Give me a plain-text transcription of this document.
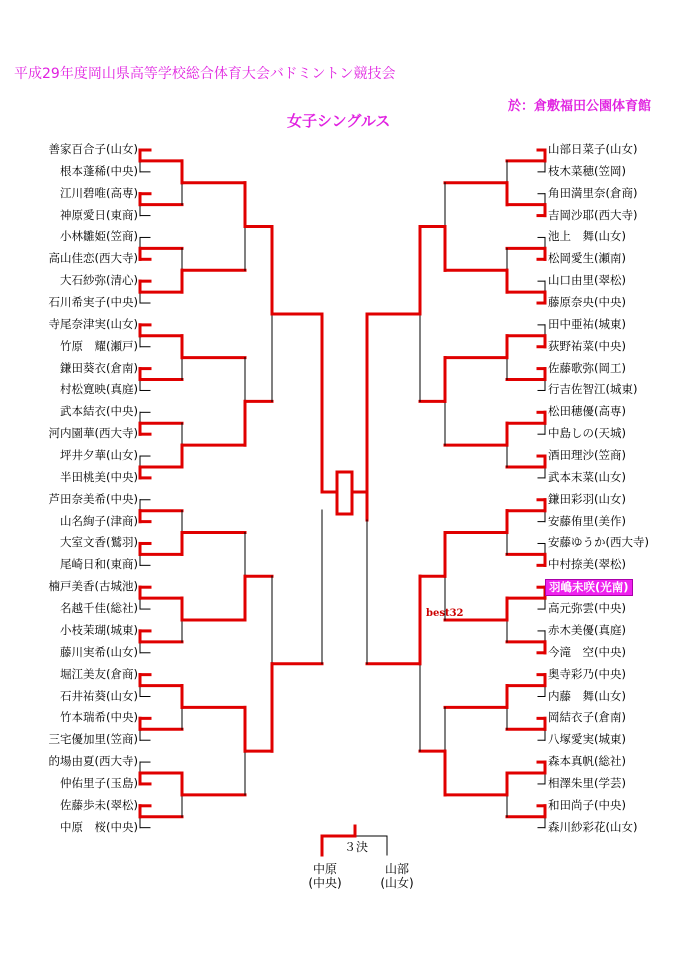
平成29年度岡山県高等学校総合体育大会バドミントン競技会
於：倉敷福田公園体育館
女子シングルス
善家百合子(山女)
根本蓬稀(中央)
江川碧唯(高専)
神原愛日(東商)
小林雛姫(笠商)
高山佳恋(西大寺)
大石紗弥(清心)
石川希実子(中央)
寺尾奈津実(山女)
竹原　耀(瀬戸)
鎌田葵衣(倉南)
村松寛映(真庭)
武本結衣(中央)
河内園華(西大寺)
坪井夕華(山女)
半田桃美(中央)
芦田奈美希(中央)
山名絢子(津商)
大室文香(鷲羽)
尾崎日和(東商)
楠戸美香(古城池)
名越千佳(総社)
小枝茉瑚(城東)
藤川実希(山女)
堀江美友(倉商)
石井祐葵(山女)
竹本瑞希(中央)
三宅優加里(笠商)
的場由夏(西大寺)
仲佑里子(玉島)
佐藤歩未(翠松)
中原　桜(中央)
山部日菜子(山女)
枝木菜穂(笠岡)
角田満里奈(倉商)
吉岡沙耶(西大寺)
池上　舞(山女)
松岡愛生(瀬南)
山口由里(翠松)
藤原奈央(中央)
田中亜祐(城東)
荻野祐菜(中央)
佐藤歌弥(岡工)
行吉佐智江(城東)
松田穂優(高専)
中島しの(天城)
酒田理沙(笠商)
武本末菜(山女)
鎌田彩羽(山女)
安藤侑里(美作)
安藤ゆうか(西大寺)
中村捺美(翠松)
羽嶋未咲(光南)
高元弥雲(中央)
赤木美優(真庭)
今滝　空(中央)
奥寺彩乃(中央)
内藤　舞(山女)
岡結衣子(倉南)
八塚愛実(城東)
森本真帆(総社)
相澤朱里(学芸)
和田尚子(中央)
森川紗彩花(山女)
best32
３決
中原
(中央)
山部
(山女)
